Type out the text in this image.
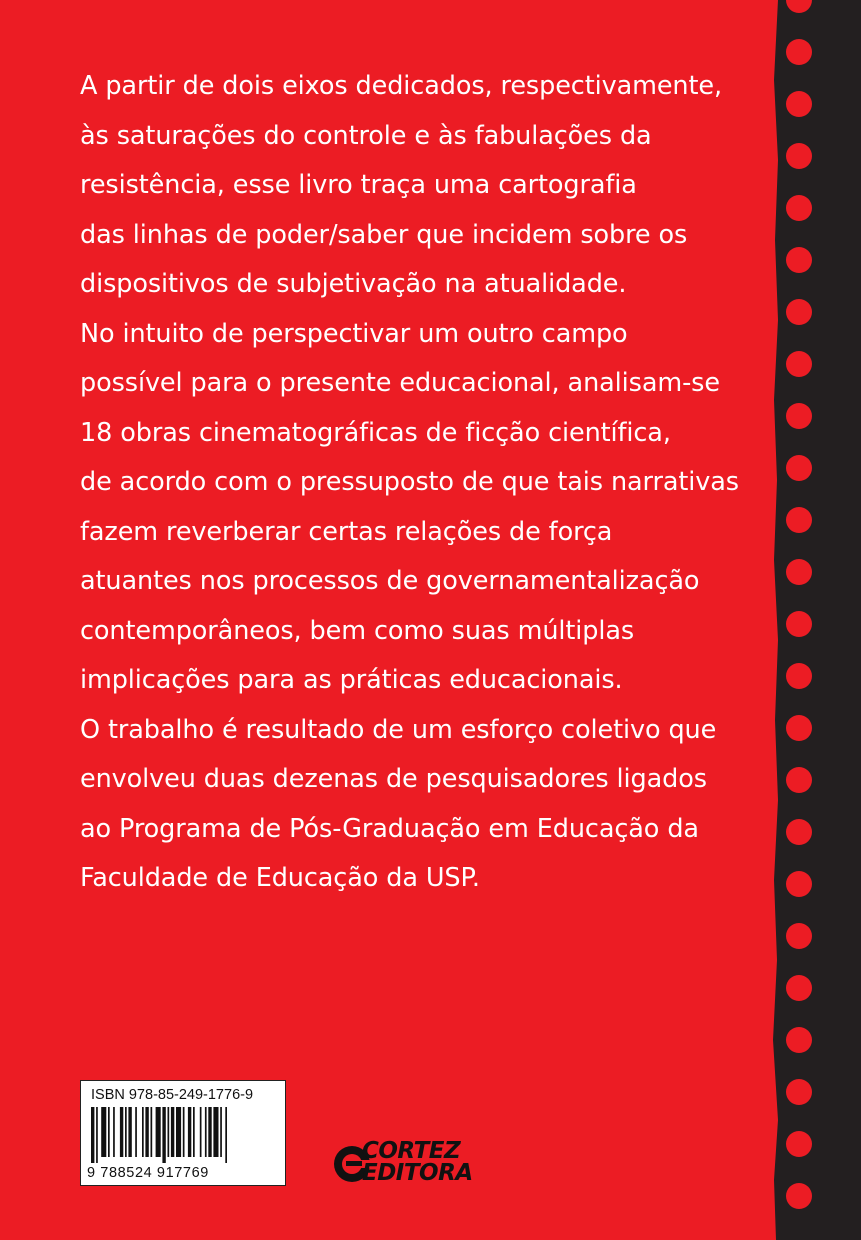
A partir de dois eixos dedicados, respectivamente,

às saturações do controle e às fabulações da

resistência, esse livro traça uma cartografia

das linhas de poder/saber que incidem sobre os

dispositivos de subjetivação na atualidade.

No intuito de perspectivar um outro campo

possível para o presente educacional, analisam-se

18 obras cinematográficas de ficção científica,

de acordo com o pressuposto de que tais narrativas

fazem reverberar certas relações de força

atuantes nos processos de governamentalização

contemporâneos, bem como suas múltiplas

implicações para as práticas educacionais.

O trabalho é resultado de um esforço coletivo que

envolveu duas dezenas de pesquisadores ligados

ao Programa de Pós-Graduação em Educação da

Faculdade de Educação da USP.

ISBN 978-85-249-1776-9
9 788524 917769
CORTEZ
EDITORA
